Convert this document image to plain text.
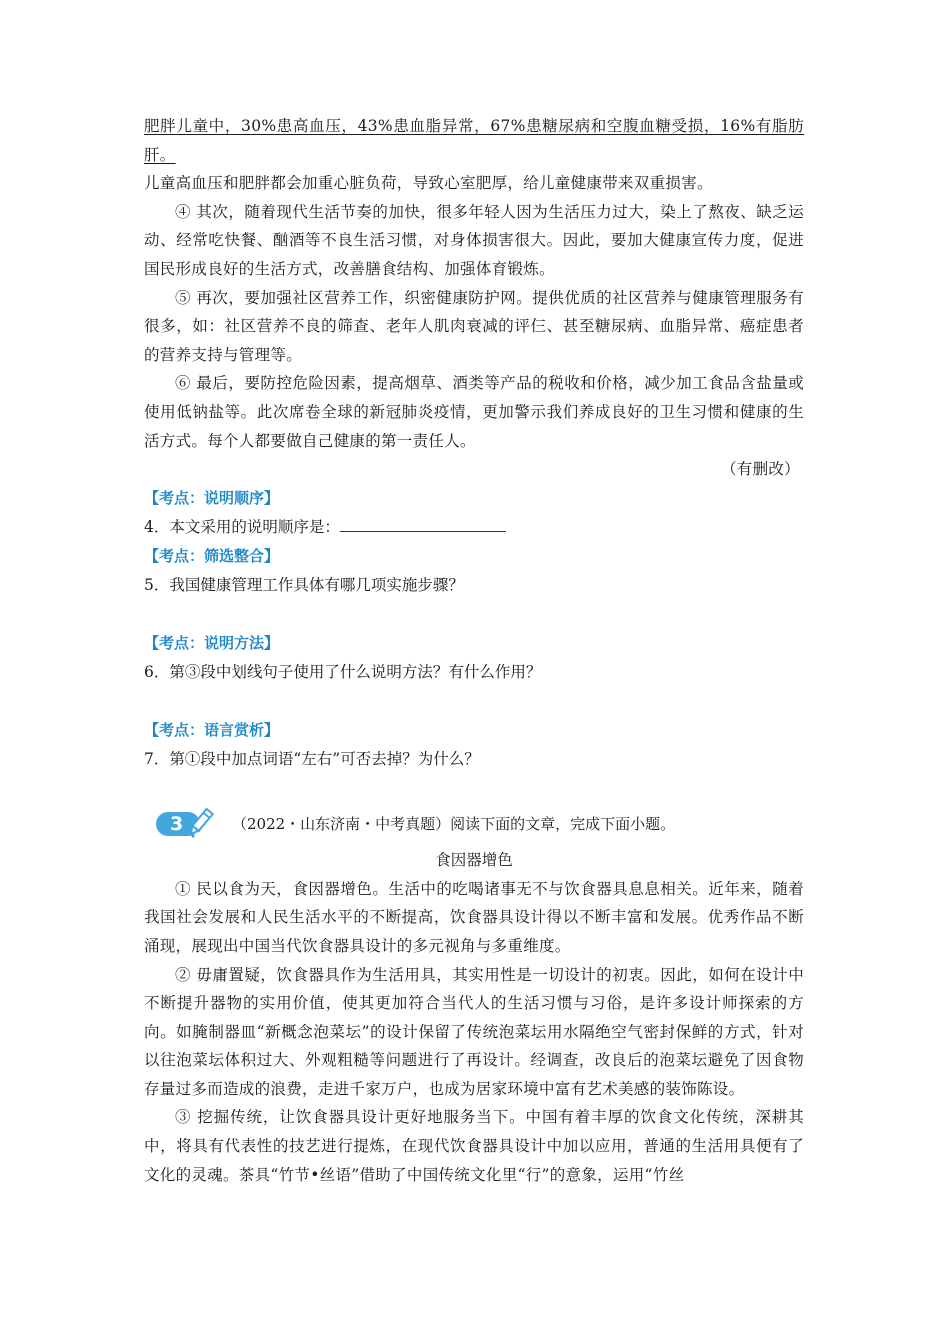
肥胖儿童中，30%患高血压，43%患血脂异常，67%患糖尿病和空腹血糖受损，16%有脂肪肝。

儿童高血压和肥胖都会加重心脏负荷，导致心室肥厚，给儿童健康带来双重损害。

④ 其次，随着现代生活节奏的加快，很多年轻人因为生活压力过大，染上了熬夜、缺乏运动、经常吃快餐、酗酒等不良生活习惯，对身体损害很大。因此，要加大健康宣传力度，促进国民形成良好的生活方式，改善膳食结构、加强体育锻炼。

⑤ 再次，要加强社区营养工作，织密健康防护网。提供优质的社区营养与健康管理服务有很多，如：社区营养不良的筛查、老年人肌肉衰减的评仨、甚至糖尿病、血脂异常、癌症患者的营养支持与管理等。

⑥ 最后，要防控危险因素，提高烟草、酒类等产品的税收和价格，减少加工食品含盐量或使用低钠盐等。此次席卷全球的新冠肺炎疫情，更加警示我们养成良好的卫生习惯和健康的生活方式。每个人都要做自己健康的第一责任人。

（有删改）

【考点：说明顺序】

4．本文采用的说明顺序是：

【考点：筛选整合】

5．我国健康管理工作具体有哪几项实施步骤？

【考点：说明方法】

6．第③段中划线句子使用了什么说明方法？有什么作用？

【考点：语言赏析】

7．第①段中加点词语“左右”可否去掉？为什么？

3	（2022・山东济南・中考真题）阅读下面的文章，完成下面小题。

食因器增色

① 民以食为天，食因器增色。生活中的吃喝诸事无不与饮食器具息息相关。近年来，随着我国社会发展和人民生活水平的不断提高，饮食器具设计得以不断丰富和发展。优秀作品不断涌现，展现出中国当代饮食器具设计的多元视角与多重维度。

② 毋庸置疑，饮食器具作为生活用具，其实用性是一切设计的初衷。因此，如何在设计中不断提升器物的实用价值，使其更加符合当代人的生活习惯与习俗，是许多设计师探索的方向。如腌制器皿“新概念泡菜坛”的设计保留了传统泡菜坛用水隔绝空气密封保鲜的方式，针对以往泡菜坛体积过大、外观粗糙等问题进行了再设计。经调查，改良后的泡菜坛避免了因食物存量过多而造成的浪费，走进千家万户，也成为居家环境中富有艺术美感的装饰陈设。

③ 挖掘传统，让饮食器具设计更好地服务当下。中国有着丰厚的饮食文化传统，深耕其中，将具有代表性的技艺进行提炼，在现代饮食器具设计中加以应用，普通的生活用具便有了文化的灵魂。茶具“竹节•丝语”借助了中国传统文化里“行”的意象，运用“竹丝
